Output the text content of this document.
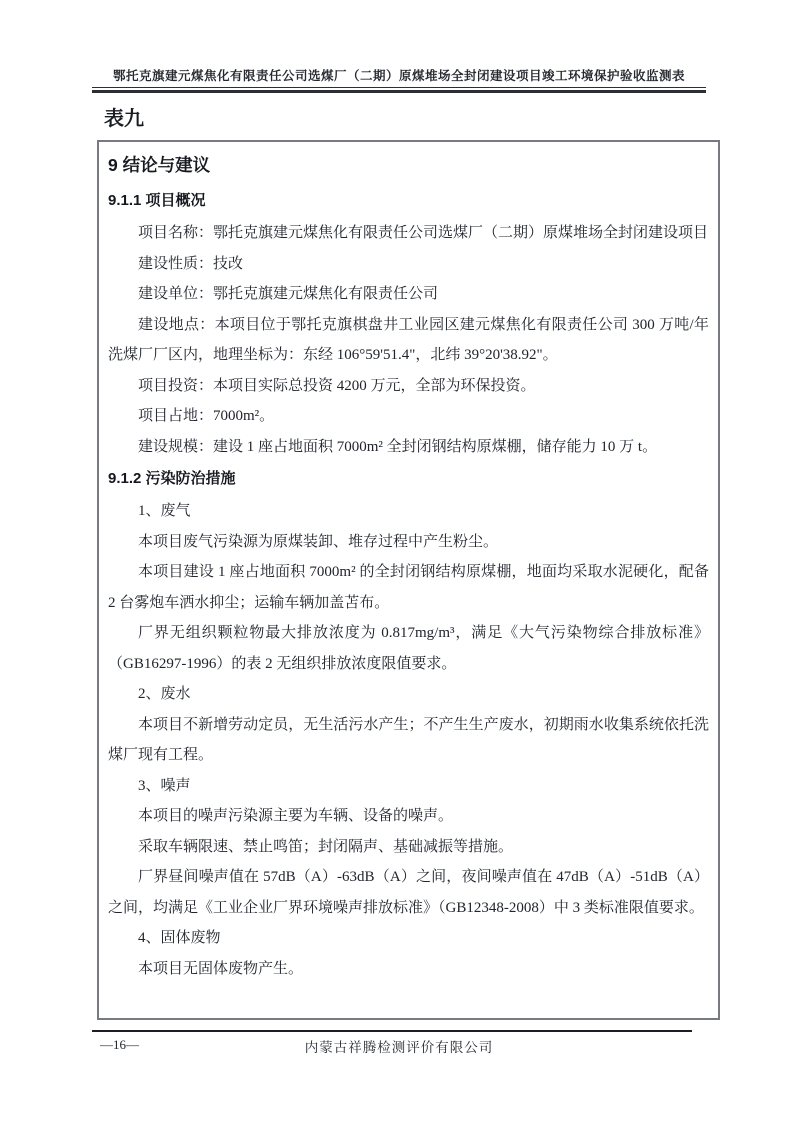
鄂托克旗建元煤焦化有限责任公司选煤厂（二期）原煤堆场全封闭建设项目竣工环境保护验收监测表
表九
9 结论与建议
9.1.1 项目概况

项目名称：鄂托克旗建元煤焦化有限责任公司选煤厂（二期）原煤堆场全封闭建设项目

建设性质：技改

建设单位：鄂托克旗建元煤焦化有限责任公司

建设地点：本项目位于鄂托克旗棋盘井工业园区建元煤焦化有限责任公司 300 万吨/年洗煤厂厂区内，地理坐标为：东经 106°59'51.4"，北纬 39°20'38.92"。

项目投资：本项目实际总投资 4200 万元，全部为环保投资。

项目占地：7000m²。

建设规模：建设 1 座占地面积 7000m² 全封闭钢结构原煤棚，储存能力 10 万 t。

9.1.2 污染防治措施

1、废气

本项目废气污染源为原煤装卸、堆存过程中产生粉尘。

本项目建设 1 座占地面积 7000m² 的全封闭钢结构原煤棚，地面均采取水泥硬化，配备 2 台雾炮车洒水抑尘；运输车辆加盖苫布。

厂界无组织颗粒物最大排放浓度为 0.817mg/m³，满足《大气污染物综合排放标准》（GB16297-1996）的表 2 无组织排放浓度限值要求。

2、废水

本项目不新增劳动定员，无生活污水产生；不产生生产废水，初期雨水收集系统依托洗煤厂现有工程。

3、噪声

本项目的噪声污染源主要为车辆、设备的噪声。

采取车辆限速、禁止鸣笛；封闭隔声、基础减振等措施。

厂界昼间噪声值在 57dB（A）-63dB（A）之间，夜间噪声值在 47dB（A）-51dB（A）之间，均满足《工业企业厂界环境噪声排放标准》（GB12348-2008）中 3 类标准限值要求。

4、固体废物

本项目无固体废物产生。

—16—	内蒙古祥腾检测评价有限公司
